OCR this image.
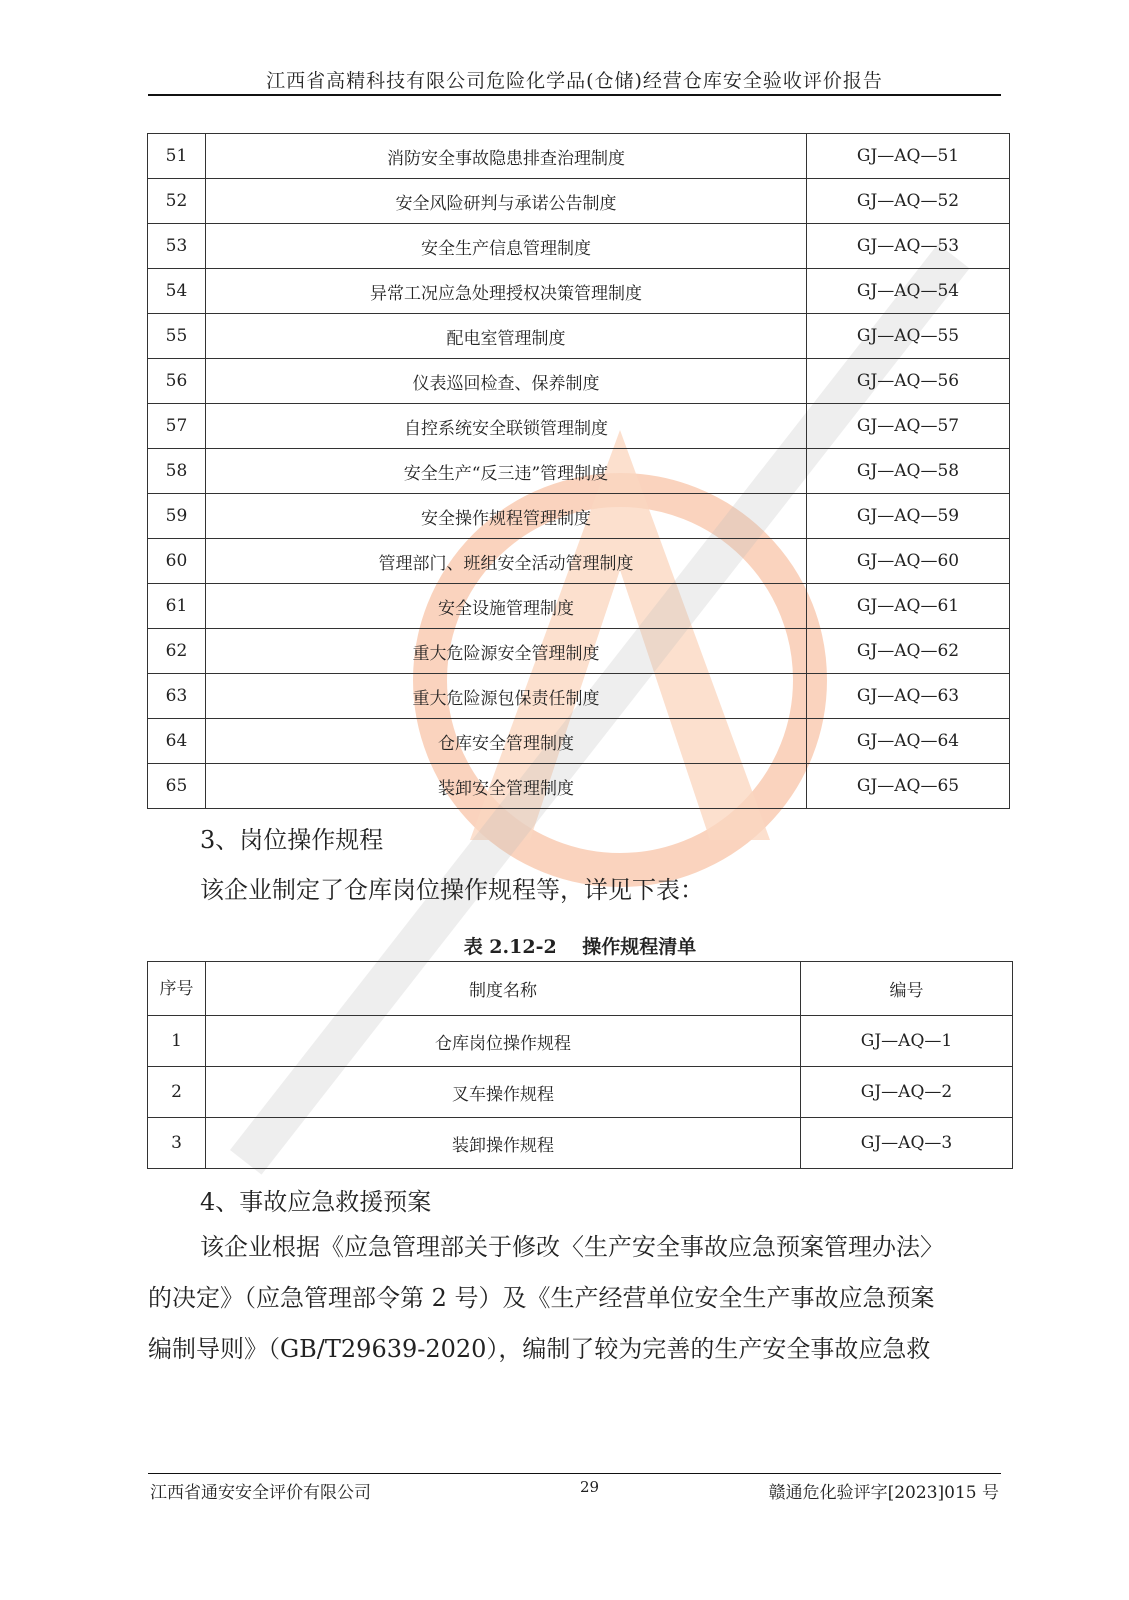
江西省高精科技有限公司危险化学品(仓储)经营仓库安全验收评价报告
51	消防安全事故隐患排查治理制度	GJ—AQ—51
52	安全风险研判与承诺公告制度	GJ—AQ—52
53	安全生产信息管理制度	GJ—AQ—53
54	异常工况应急处理授权决策管理制度	GJ—AQ—54
55	配电室管理制度	GJ—AQ—55
56	仪表巡回检查、保养制度	GJ—AQ—56
57	自控系统安全联锁管理制度	GJ—AQ—57
58	安全生产“反三违”管理制度	GJ—AQ—58
59	安全操作规程管理制度	GJ—AQ—59
60	管理部门、班组安全活动管理制度	GJ—AQ—60
61	安全设施管理制度	GJ—AQ—61
62	重大危险源安全管理制度	GJ—AQ—62
63	重大危险源包保责任制度	GJ—AQ—63
64	仓库安全管理制度	GJ—AQ—64
65	装卸安全管理制度	GJ—AQ—65
3、岗位操作规程
该企业制定了仓库岗位操作规程等，详见下表：
表 2.12-2　 操作规程清单
序号	制度名称	编号
1	仓库岗位操作规程	GJ—AQ—1
2	叉车操作规程	GJ—AQ—2
3	装卸操作规程	GJ—AQ—3
4、事故应急救援预案
该企业根据《应急管理部关于修改〈生产安全事故应急预案管理办法〉
的决定》（应急管理部令第 2 号）及《生产经营单位安全生产事故应急预案
编制导则》（GB/T29639-2020），编制了较为完善的生产安全事故应急救
江西省通安安全评价有限公司	29	赣通危化验评字[2023]015 号
